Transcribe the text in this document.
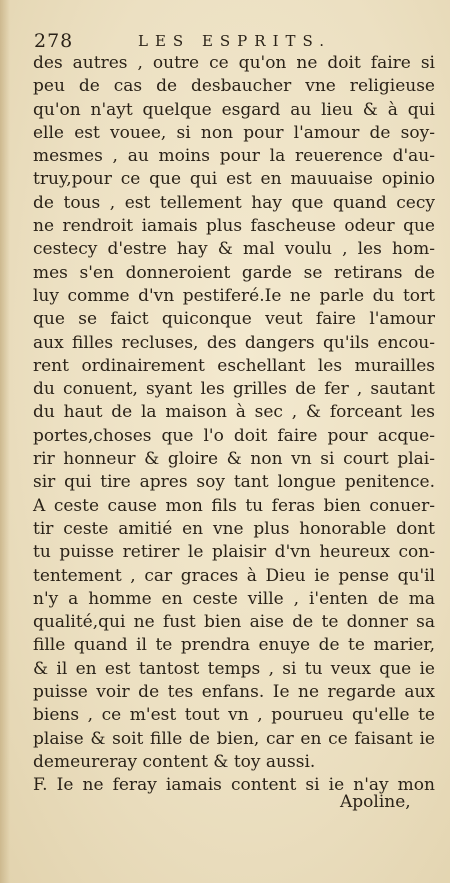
278	LES ESPRITS.
des autres , outre ce qu'on ne doit faire si
peu de cas de desbaucher vne religieuse
qu'on n'ayt quelque esgard au lieu & à qui
elle est vouee, si non pour l'amour de soy-
mesmes , au moins pour la reuerence d'au-
truy,pour ce que qui est en mauuaise opinio
de tous , est tellement hay que quand cecy
ne rendroit iamais plus fascheuse odeur que
cestecy d'estre hay & mal voulu , les hom-
mes s'en donneroient garde se retirans de
luy comme d'vn pestiferé.Ie ne parle du tort
que se faict quiconque veut faire l'amour
aux filles recluses, des dangers qu'ils encou-
rent ordinairement eschellant les murailles
du conuent, syant les grilles de fer , sautant
du haut de la maison à sec , & forceant les
portes,choses que l'o doit faire pour acque-
rir honneur & gloire & non vn si court plai-
sir qui tire apres soy tant longue penitence.
A ceste cause mon fils tu feras bien conuer-
tir ceste amitié en vne plus honorable dont
tu puisse retirer le plaisir d'vn heureux con-
tentement , car graces à Dieu ie pense qu'il
n'y a homme en ceste ville , i'enten de ma
qualité,qui ne fust bien aise de te donner sa
fille quand il te prendra enuye de te marier,
& il en est tantost temps , si tu veux que ie
puisse voir de tes enfans. Ie ne regarde aux
biens , ce m'est tout vn , pourueu qu'elle te
plaise & soit fille de bien, car en ce faisant ie
demeureray content & toy aussi.
F. Ie ne feray iamais content si ie n'ay mon
Apoline,
